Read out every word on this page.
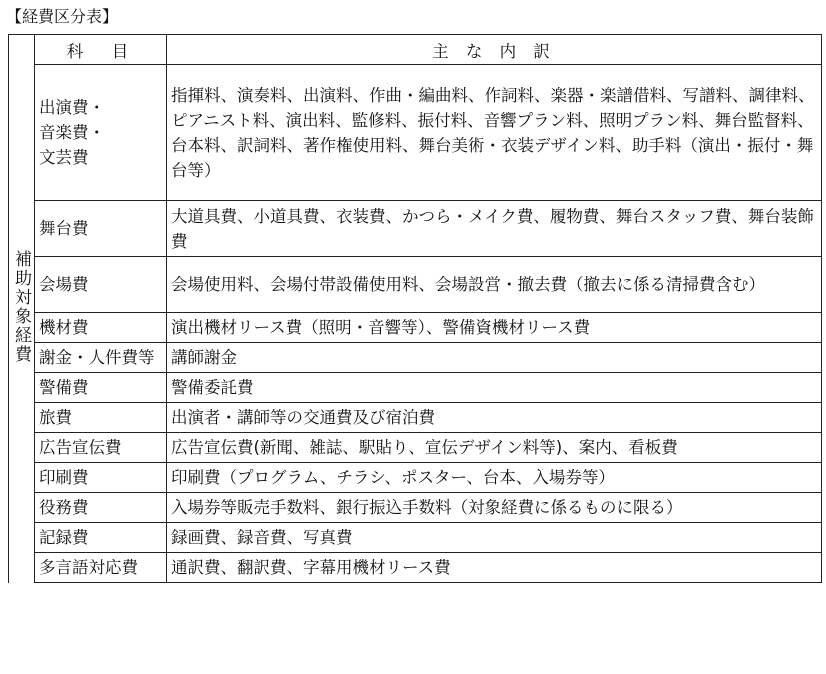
【経費区分表】
補助対象経費	科　目	主 な 内 訳

	出演費・
音楽費・
文芸費	指揮料、演奏料、出演料、作曲・編曲料、作詞料、楽器・楽譜借料、写譜料、調律料、ピアニスト料、演出料、監修料、振付料、音響プラン料、照明プラン料、舞台監督料、台本料、訳詞料、著作権使用料、舞台美術・衣装デザイン料、助手料（演出・振付・舞台等）
	舞台費	大道具費、小道具費、衣装費、かつら・メイク費、履物費、舞台スタッフ費、舞台装飾費
	会場費	会場使用料、会場付帯設備使用料、会場設営・撤去費（撤去に係る清掃費含む）
	機材費	演出機材リース費（照明・音響等）、警備資機材リース費
	謝金・人件費等	講師謝金
	警備費	警備委託費
	旅費	出演者・講師等の交通費及び宿泊費
	広告宣伝費	広告宣伝費(新聞、雑誌、駅貼り、宣伝デザイン料等)、案内、看板費
	印刷費	印刷費（プログラム、チラシ、ポスター、台本、入場券等）
	役務費	入場券等販売手数料、銀行振込手数料（対象経費に係るものに限る）
	記録費	録画費、録音費、写真費
	多言語対応費	通訳費、翻訳費、字幕用機材リース費
